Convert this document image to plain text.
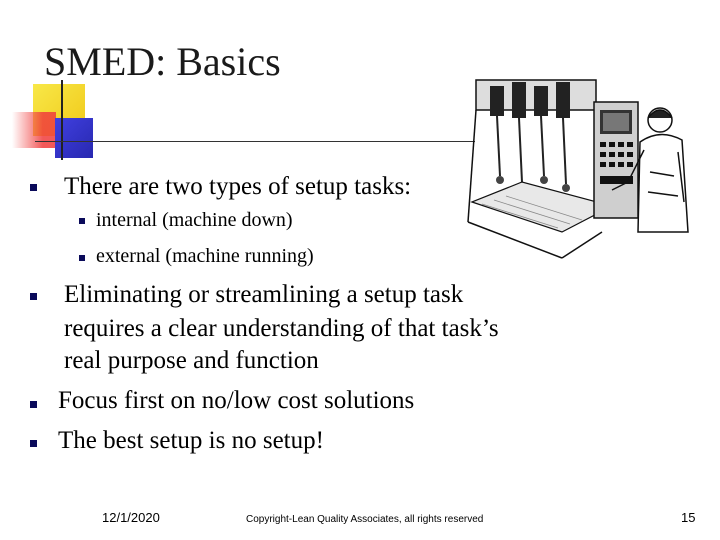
SMED: Basics
There are two types of setup tasks:
internal (machine down)
external (machine running)
Eliminating or streamlining a setup task
requires a clear understanding of that task’s
real purpose and function
Focus first on no/low cost solutions
The best setup is no setup!
12/1/2020	Copyright-Lean Quality Associates, all rights reserved	15
